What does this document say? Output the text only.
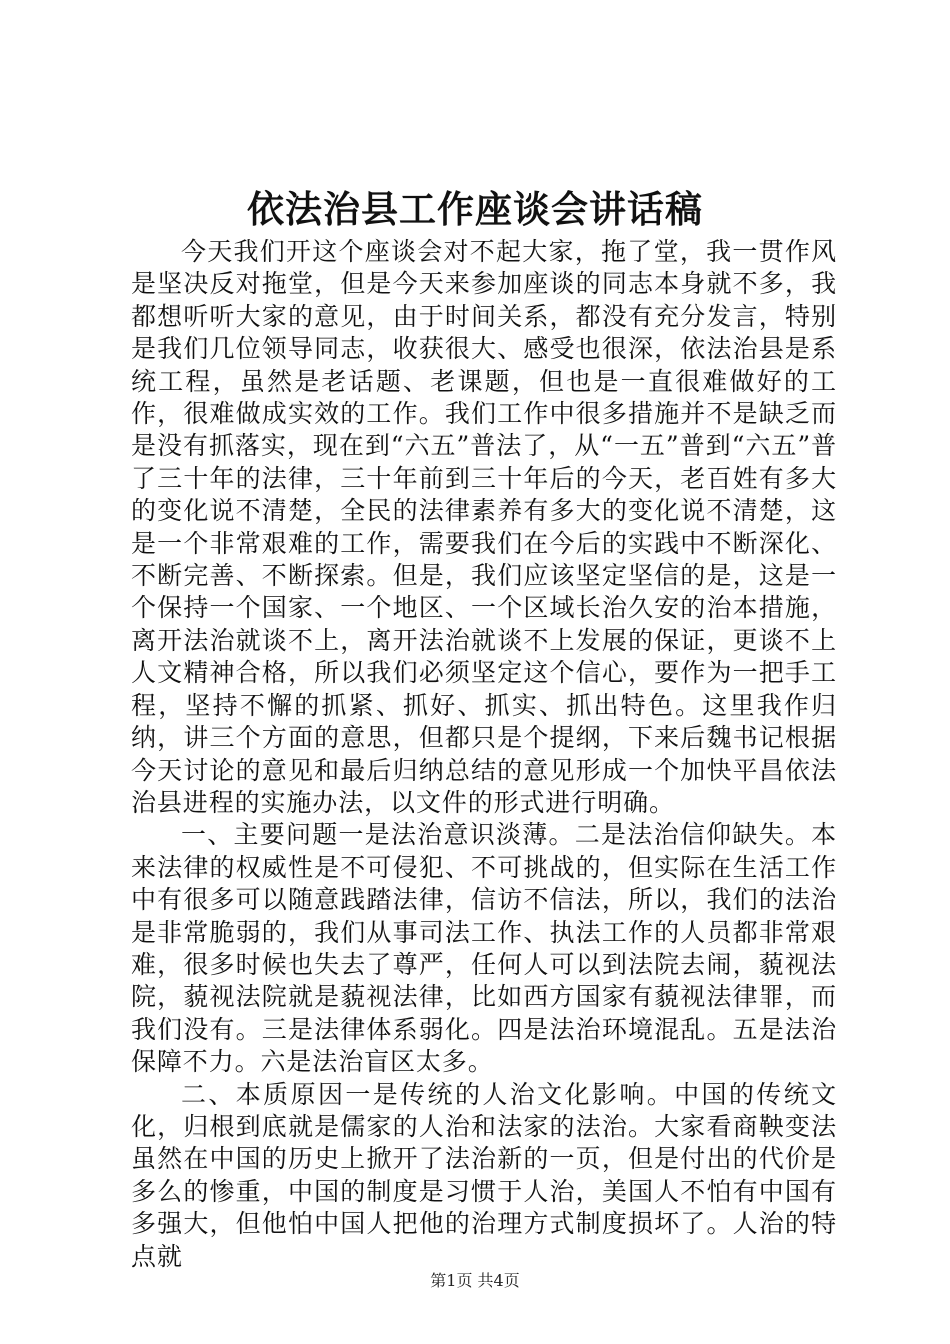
依法治县工作座谈会讲话稿

今天我们开这个座谈会对不起大家，拖了堂，我一贯作风是坚决反对拖堂，但是今天来参加座谈的同志本身就不多，我都想听听大家的意见，由于时间关系，都没有充分发言，特别是我们几位领导同志，收获很大、感受也很深，依法治县是系统工程，虽然是老话题、老课题，但也是一直很难做好的工作，很难做成实效的工作。我们工作中很多措施并不是缺乏而是没有抓落实，现在到“六五”普法了，从“一五”普到“六五”普了三十年的法律，三十年前到三十年后的今天，老百姓有多大的变化说不清楚，全民的法律素养有多大的变化说不清楚，这是一个非常艰难的工作，需要我们在今后的实践中不断深化、不断完善、不断探索。但是，我们应该坚定坚信的是，这是一个保持一个国家、一个地区、一个区域长治久安的治本措施，离开法治就谈不上，离开法治就谈不上发展的保证，更谈不上人文精神合格，所以我们必须坚定这个信心，要作为一把手工程，坚持不懈的抓紧、抓好、抓实、抓出特色。这里我作归纳，讲三个方面的意思，但都只是个提纲，下来后魏书记根据今天讨论的意见和最后归纳总结的意见形成一个加快平昌依法治县进程的实施办法，以文件的形式进行明确。

一、主要问题一是法治意识淡薄。二是法治信仰缺失。本来法律的权威性是不可侵犯、不可挑战的，但实际在生活工作中有很多可以随意践踏法律，信访不信法，所以，我们的法治是非常脆弱的，我们从事司法工作、执法工作的人员都非常艰难，很多时候也失去了尊严，任何人可以到法院去闹，藐视法院，藐视法院就是藐视法律，比如西方国家有藐视法律罪，而我们没有。三是法律体系弱化。四是法治环境混乱。五是法治保障不力。六是法治盲区太多。

二、本质原因一是传统的人治文化影响。中国的传统文化，归根到底就是儒家的人治和法家的法治。大家看商鞅变法虽然在中国的历史上掀开了法治新的一页，但是付出的代价是多么的惨重，中国的制度是习惯于人治，美国人不怕有中国有多强大，但他怕中国人把他的治理方式制度损坏了。人治的特点就

第1页 共4页
